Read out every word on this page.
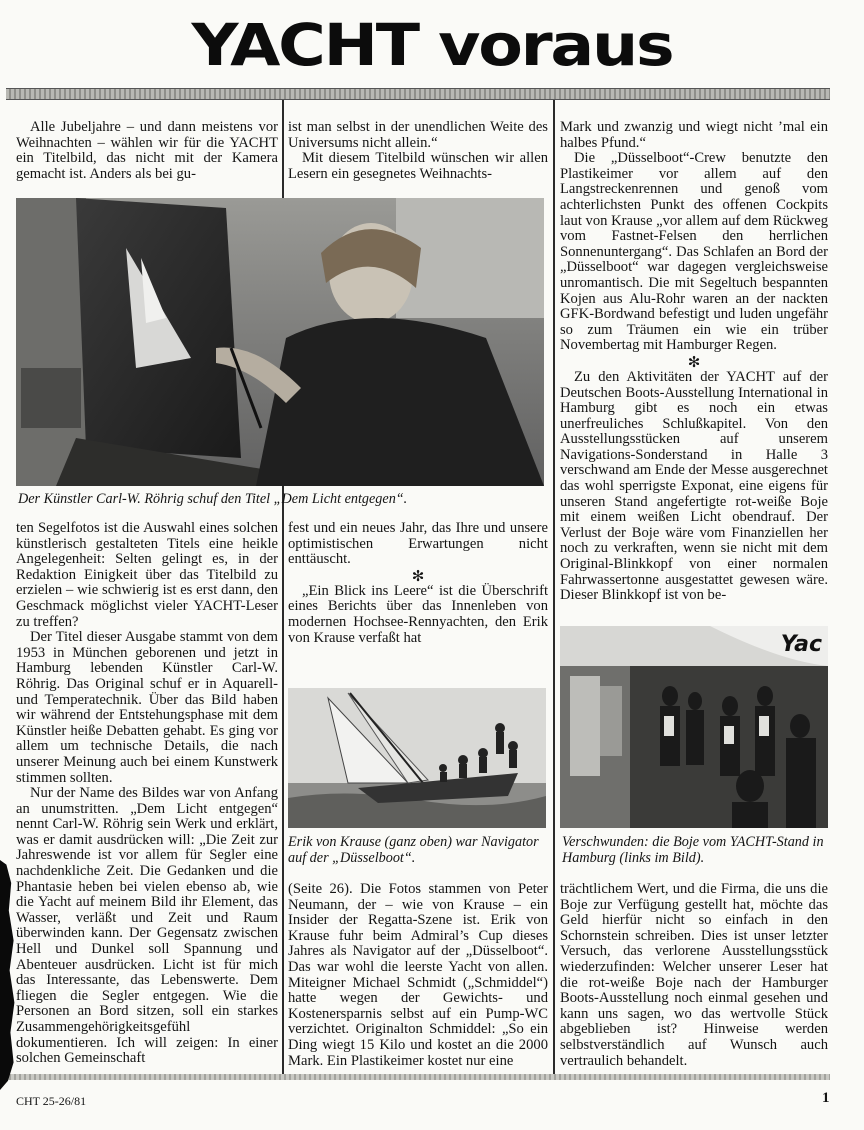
YACHT voraus

Alle Jubeljahre – und dann meistens vor Weihnachten – wählen wir für die YACHT ein Titelbild, das nicht mit der Kamera gemacht ist. Anders als bei gu-

ist man selbst in der unendlichen Weite des Universums nicht allein.“

Mit diesem Titelbild wünschen wir allen Lesern ein gesegnetes Weihnachts-

Der Künstler Carl-W. Röhrig schuf den Titel „Dem Licht entgegen“.

Mark und zwanzig und wiegt nicht ’mal ein halbes Pfund.“

Die „Düsselboot“-Crew benutzte den Plastikeimer vor allem auf den Langstreckenrennen und genoß vom achterlichsten Punkt des offenen Cockpits laut von Krause „vor allem auf dem Rückweg vom Fastnet-Felsen den herrlichen Sonnenuntergang“. Das Schlafen an Bord der „Düsselboot“ war dagegen vergleichsweise unromantisch. Die mit Segeltuch bespannten Kojen aus Alu-Rohr waren an der nackten GFK-Bordwand befestigt und luden ungefähr so zum Träumen ein wie ein trüber Novembertag mit Hamburger Regen.

✻

Zu den Aktivitäten der YACHT auf der Deutschen Boots-Ausstellung International in Hamburg gibt es noch ein etwas unerfreuliches Schlußkapitel. Von den Ausstellungsstücken auf unserem Navigations-Sonderstand in Halle 3 verschwand am Ende der Messe ausgerechnet das wohl sperrigste Exponat, eine eigens für unseren Stand angefertigte rot-weiße Boje mit einem weißen Licht obendrauf. Der Verlust der Boje wäre vom Finanziellen her noch zu verkraften, wenn sie nicht mit dem Original-Blinkkopf von einer normalen Fahrwassertonne ausgestattet gewesen wäre. Dieser Blinkkopf ist von be-

ten Segelfotos ist die Auswahl eines solchen künstlerisch gestalteten Titels eine heikle Angelegenheit: Selten gelingt es, in der Redaktion Einigkeit über das Titelbild zu erzielen – wie schwierig ist es erst dann, den Geschmack möglichst vieler YACHT-Leser zu treffen?

Der Titel dieser Ausgabe stammt von dem 1953 in München geborenen und jetzt in Hamburg lebenden Künstler Carl-W. Röhrig. Das Original schuf er in Aquarell- und Temperatechnik. Über das Bild haben wir während der Entstehungsphase mit dem Künstler heiße Debatten gehabt. Es ging vor allem um technische Details, die nach unserer Meinung auch bei einem Kunstwerk stimmen sollten.

Nur der Name des Bildes war von Anfang an unumstritten. „Dem Licht entgegen“ nennt Carl-W. Röhrig sein Werk und erklärt, was er damit ausdrücken will: „Die Zeit zur Jahreswende ist vor allem für Segler eine nachdenkliche Zeit. Die Gedanken und die Phantasie heben bei vielen ebenso ab, wie die Yacht auf meinem Bild ihr Element, das Wasser, verläßt und Zeit und Raum überwinden kann. Der Gegensatz zwischen Hell und Dunkel soll Spannung und Abenteuer ausdrücken. Licht ist für mich das Interessante, das Lebenswerte. Dem fliegen die Segler entgegen. Wie die Personen an Bord sitzen, soll ein starkes Zusammengehörigkeitsgefühl dokumentieren. Ich will zeigen: In einer solchen Gemeinschaft

fest und ein neues Jahr, das Ihre und unsere optimistischen Erwartungen nicht enttäuscht.

✻

„Ein Blick ins Leere“ ist die Überschrift eines Berichts über das Innenleben von modernen Hochsee-Rennyachten, den Erik von Krause verfaßt hat

Erik von Krause (ganz oben) war Navigator auf der „Düsselboot“.
Yac
Verschwunden: die Boje vom YACHT-Stand in Hamburg (links im Bild).

(Seite 26). Die Fotos stammen von Peter Neumann, der – wie von Krause – ein Insider der Regatta-Szene ist. Erik von Krause fuhr beim Admiral’s Cup dieses Jahres als Navigator auf der „Düsselboot“. Das war wohl die leerste Yacht von allen. Miteigner Michael Schmidt („Schmiddel“) hatte wegen der Gewichts- und Kostenersparnis selbst auf ein Pump-WC verzichtet. Originalton Schmiddel: „So ein Ding wiegt 15 Kilo und kostet an die 2000 Mark. Ein Plastikeimer kostet nur eine

trächtlichem Wert, und die Firma, die uns die Boje zur Verfügung gestellt hat, möchte das Geld hierfür nicht so einfach in den Schornstein schreiben. Dies ist unser letzter Versuch, das verlorene Ausstellungsstück wiederzufinden: Welcher unserer Leser hat die rot-weiße Boje nach der Hamburger Boots-Ausstellung noch einmal gesehen und kann uns sagen, wo das wertvolle Stück abgeblieben ist? Hinweise werden selbstverständlich auf Wunsch auch vertraulich behandelt.

CHT 25-26/81	1
